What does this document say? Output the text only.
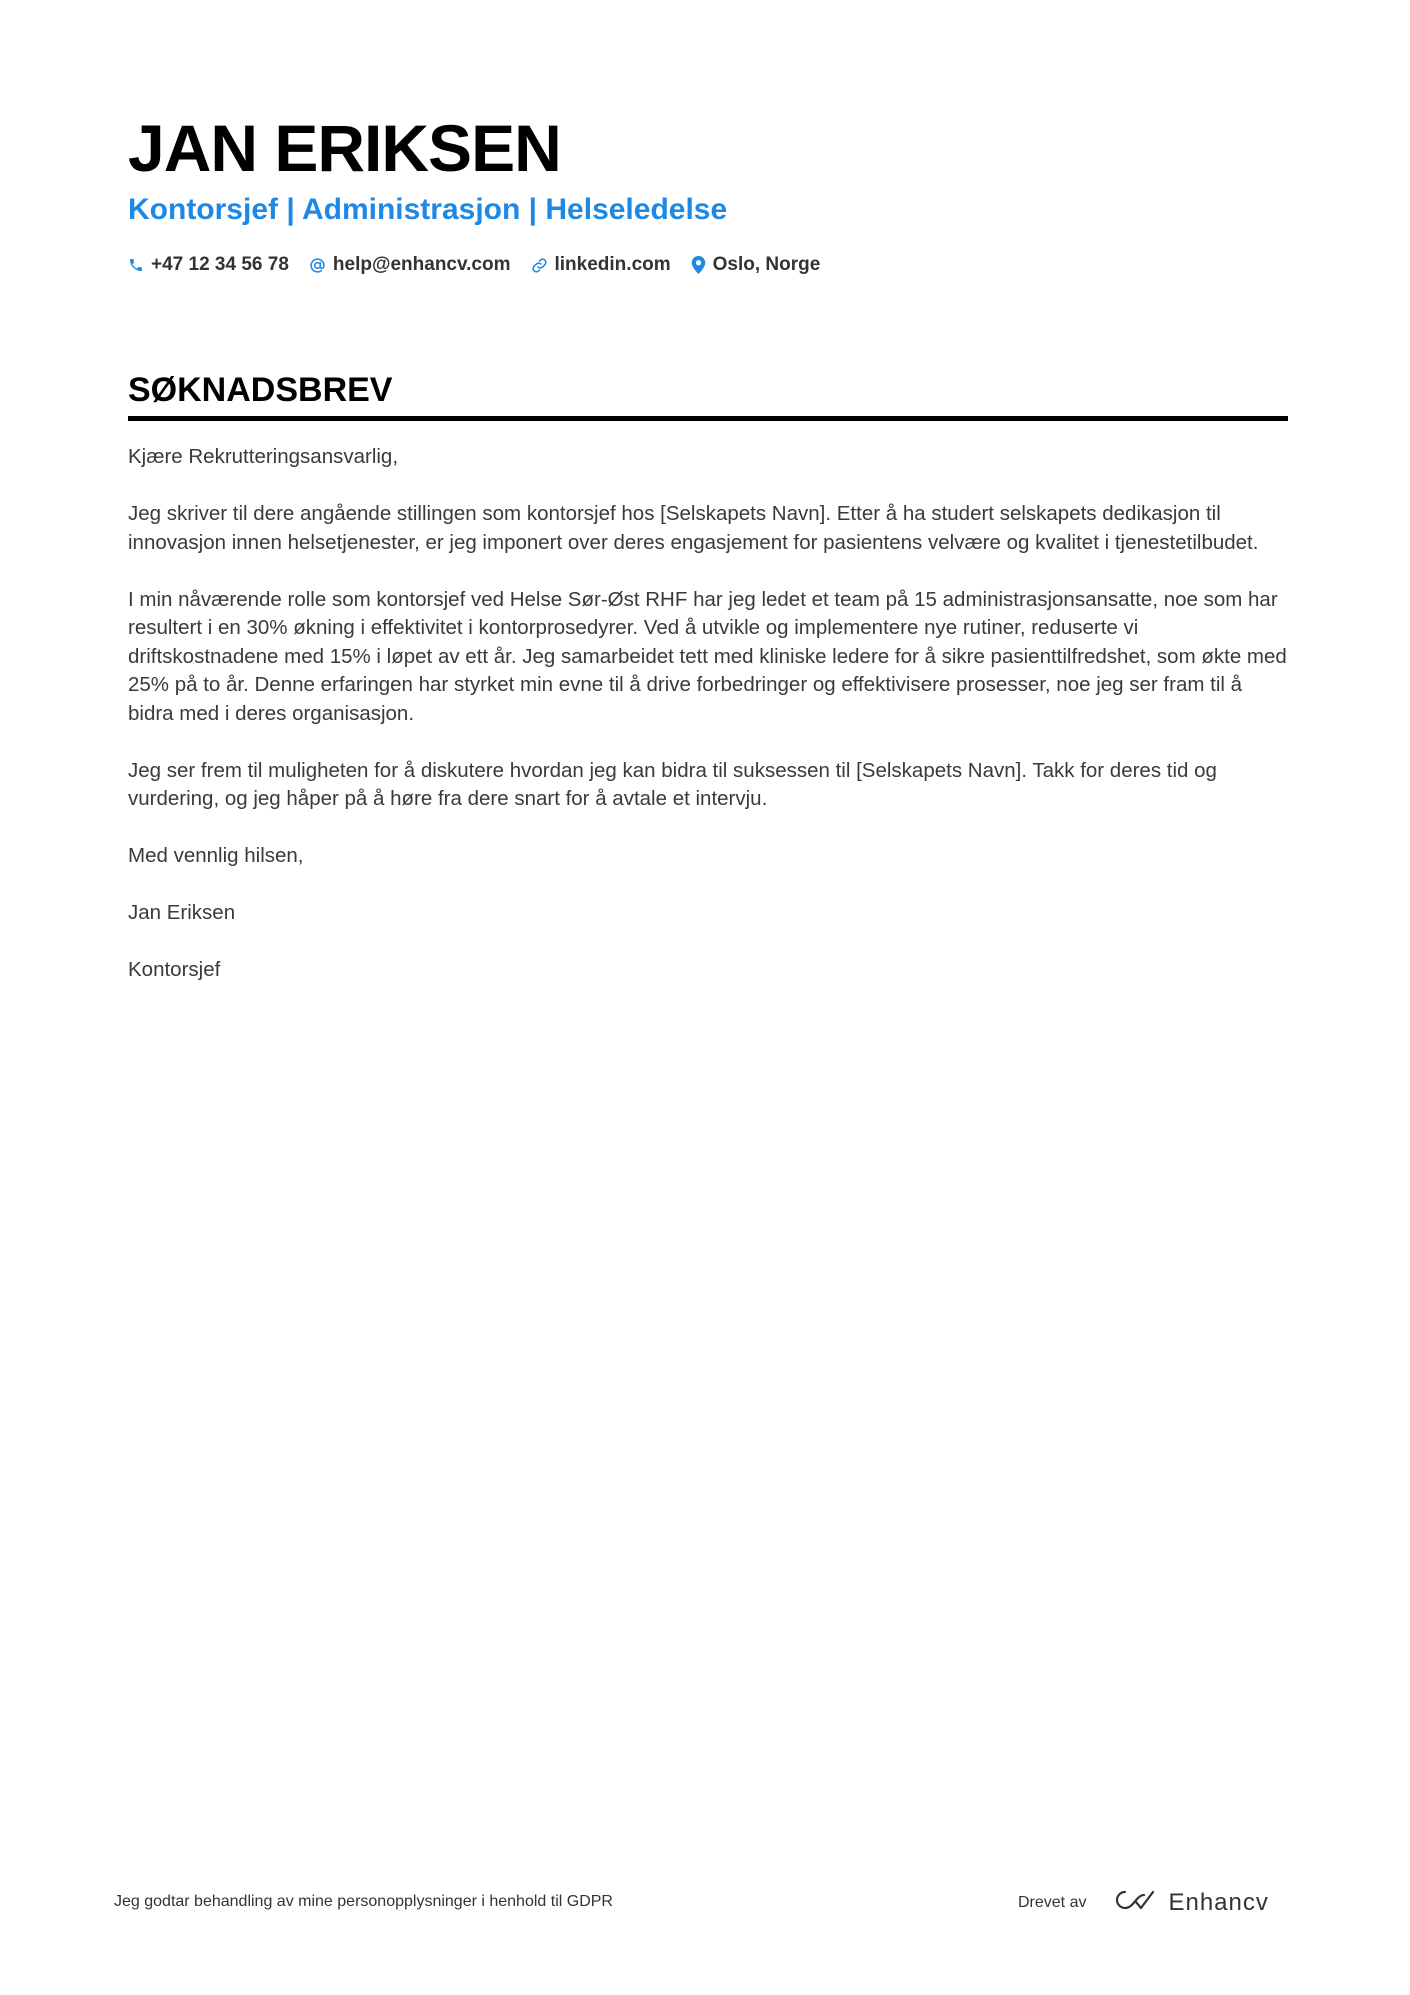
JAN ERIKSEN
Kontorsjef | Administrasjon | Helseledelse
+47 12 34 56 78 help@enhancv.com linkedin.com Oslo, Norge
SØKNADSBREV

Kjære Rekrutteringsansvarlig,

Jeg skriver til dere angående stillingen som kontorsjef hos [Selskapets Navn]. Etter å ha studert selskapets dedikasjon til innovasjon innen helsetjenester, er jeg imponert over deres engasjement for pasientens velvære og kvalitet i tjenestetilbudet.

I min nåværende rolle som kontorsjef ved Helse Sør-Øst RHF har jeg ledet et team på 15 administrasjonsansatte, noe som har resultert i en 30% økning i effektivitet i kontorprosedyrer. Ved å utvikle og implementere nye rutiner, reduserte vi driftskostnadene med 15% i løpet av ett år. Jeg samarbeidet tett med kliniske ledere for å sikre pasienttilfredshet, som økte med 25% på to år. Denne erfaringen har styrket min evne til å drive forbedringer og effektivisere prosesser, noe jeg ser fram til å bidra med i deres organisasjon.

Jeg ser frem til muligheten for å diskutere hvordan jeg kan bidra til suksessen til [Selskapets Navn]. Takk for deres tid og vurdering, og jeg håper på å høre fra dere snart for å avtale et intervju.

Med vennlig hilsen,

Jan Eriksen

Kontorsjef

Jeg godtar behandling av mine personopplysninger i henhold til GDPR	Drevet av	Enhancv
